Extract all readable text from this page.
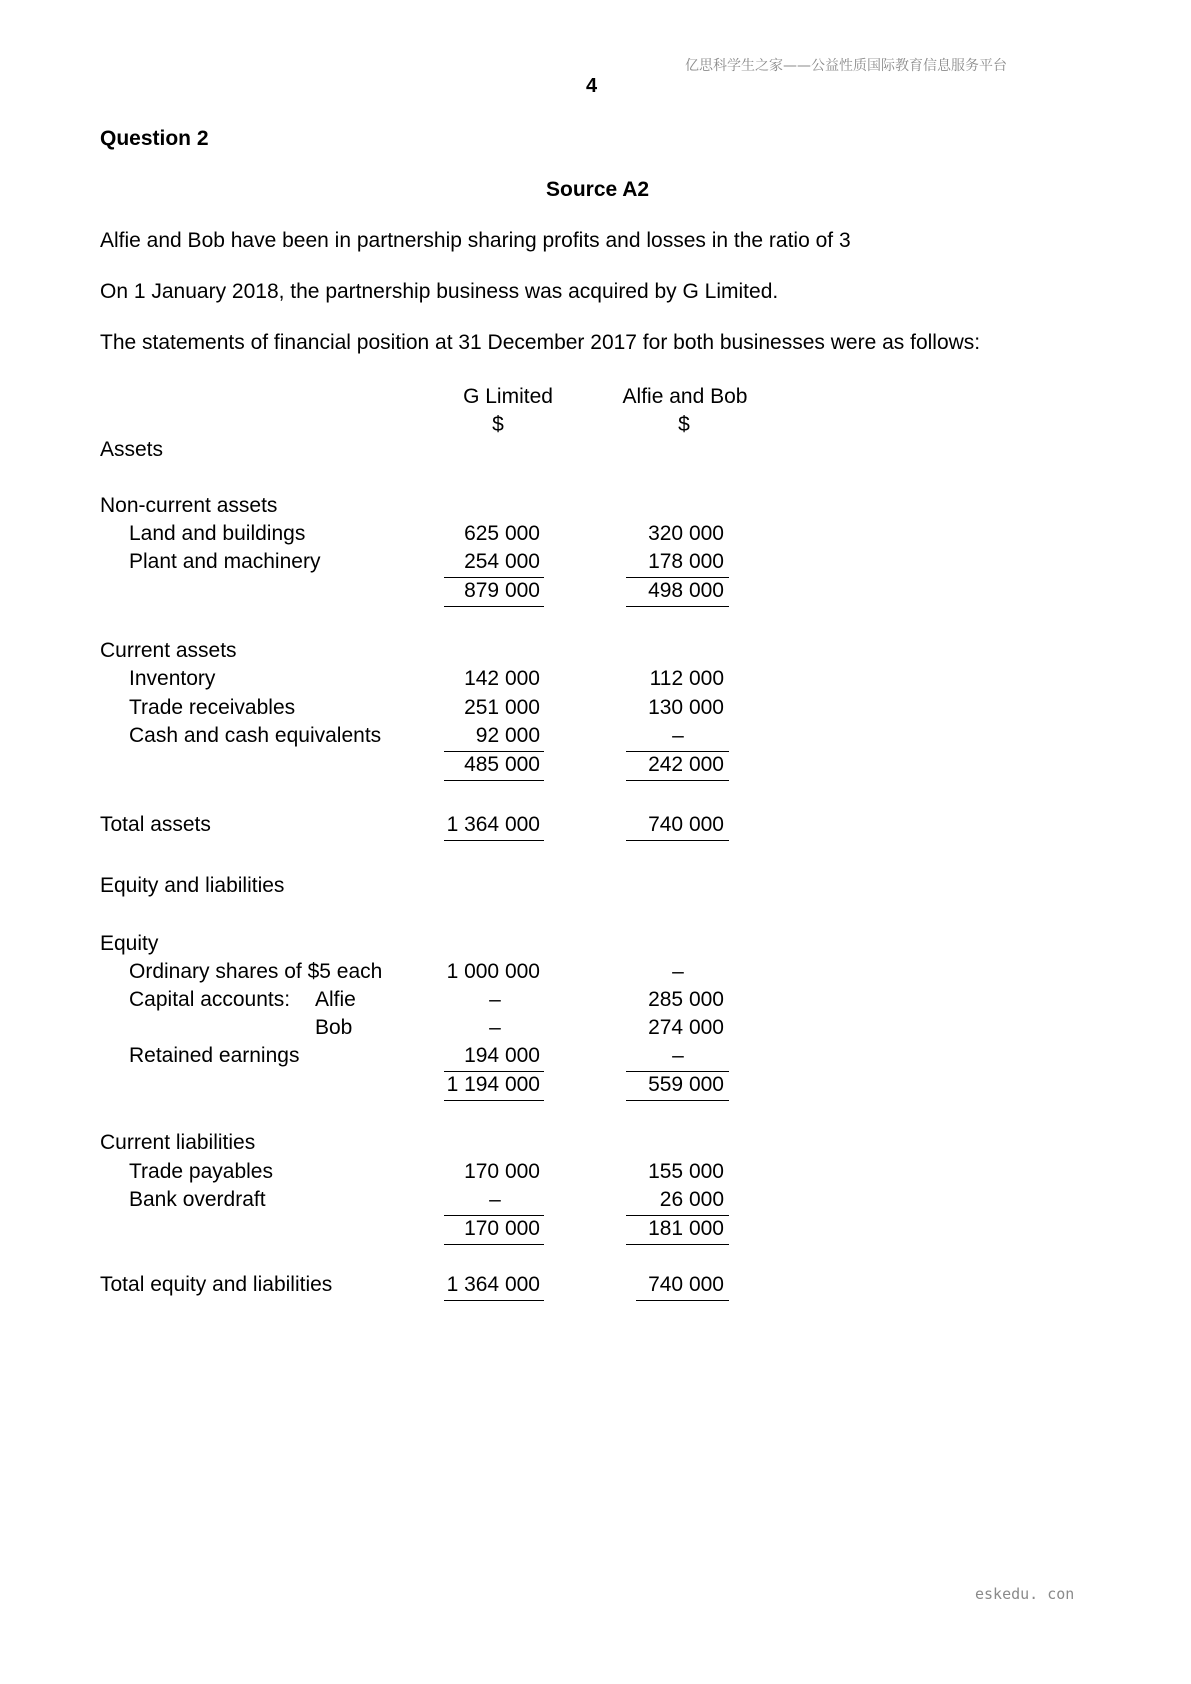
亿思科学生之家——公益性质国际教育信息服务平台
4
Question 2
Source A2
Alfie and Bob have been in partnership sharing profits and losses in the ratio of 3
On 1 January 2018, the partnership business was acquired by G Limited.
The statements of financial position at 31 December 2017 for both businesses were as follows:
G Limited
$
Alfie and Bob
$
Assets
Non-current assets
Land and buildings	625 000	320 000
Plant and machinery	254 000	178 000
879 000	498 000
Current assets
Inventory	142 000	112 000
Trade receivables	251 000	130 000
Cash and cash equivalents	92 000	–
485 000	242 000
Total assets	1 364 000	740 000
Equity and liabilities
Equity
Ordinary shares of $5 each	1 000 000	–
Capital accounts: Alfie	–	285 000
Bob	–	274 000
Retained earnings	194 000	–
1 194 000	559 000
Current liabilities
Trade payables	170 000	155 000
Bank overdraft	–	26 000
170 000	181 000
Total equity and liabilities	1 364 000	740 000
eskedu. con
